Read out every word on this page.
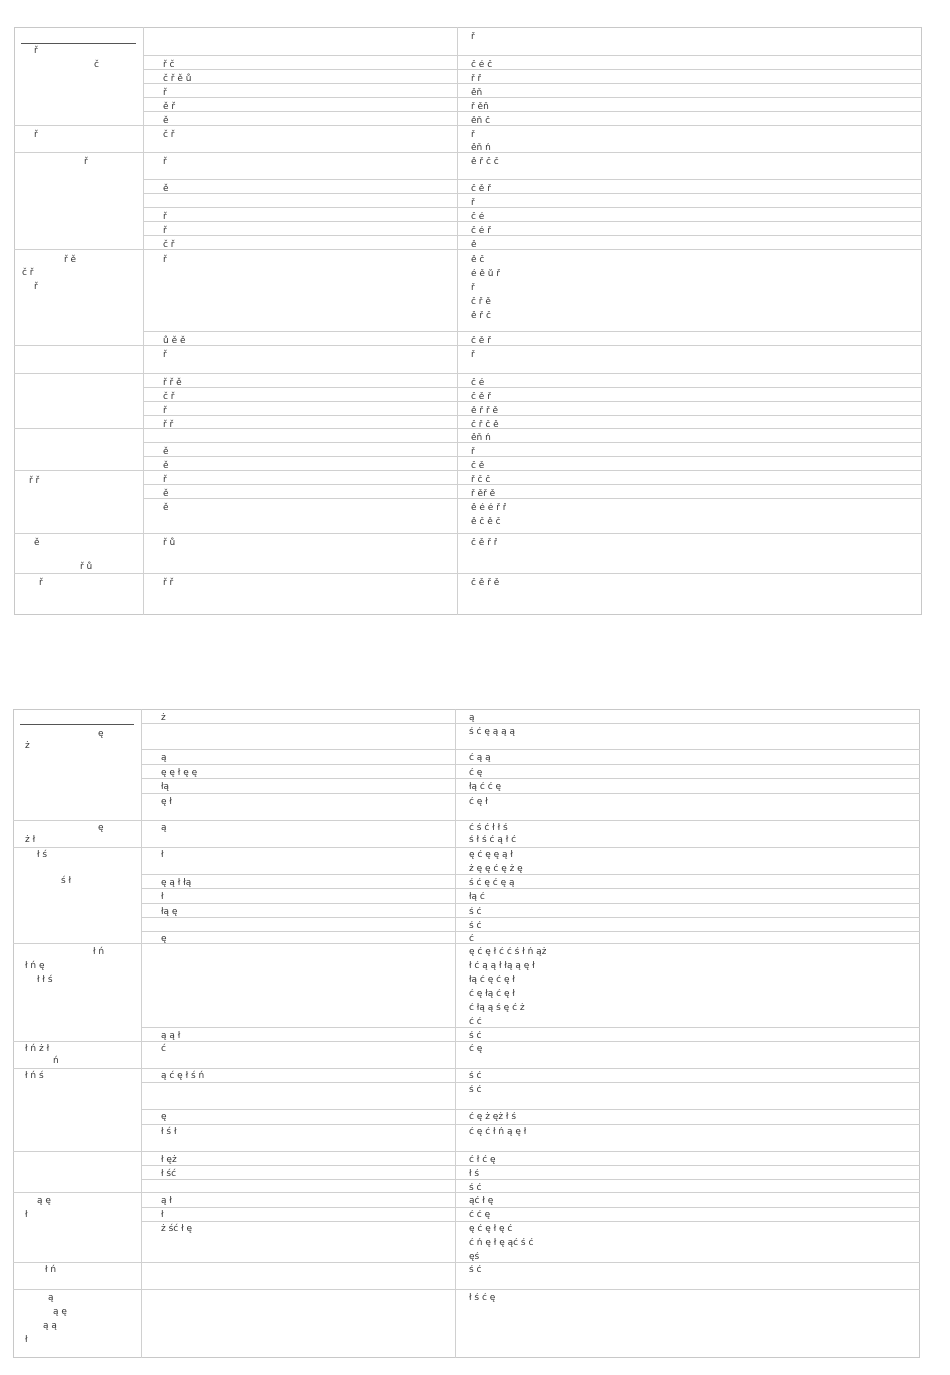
ř
č
ř
ř
ř ě
č ř
ř
ř ř
ě
ř ů
ř
ř č
č ř ě ů
ř
ě ř
ě
č ř
ř
ě
ř
ř
č ř
ř
ů ě ě
ř
ř ř ě
č ř
ř
ř ř
ě
ě
ř
ě
ě
ř ů
ř ř
ř
č é č
ř ř
ěň
ř ěň
ěň č
ř
ěň ń
ě ř č č
č ě ř
ř
č é
č é ř
ě
ě č
é ě ů ř
ř
č ř ě
ě ř č
č ě ř
ř
č é
č ě ř
ě ř ř ě
č ř č ě
ěň ń
ř
č ě
ř č č
ř ěř ě
ě é é ř ř
ě č ě č
č ě ř ř
č ě ř ě
ę
ż
ę
ż ł
ł ś
ś ł
ł ń
ł ń ę
ł ł ś
ł ń ż ł
ń
ł ń ś
ą ę
ł
ł ń
ą
ą ę
ą ą
ł
ż
ą
ę ę ł ę ę
łą
ę ł
ą
ł
ę ą ł łą
ł
łą ę
ę
ą ą ł
ć
ą ć ę ł ś ń
ę
ł ś ł
ł ęż
ł ść
ą ł
ł
ż ść ł ę
ą
ś ć ę ą ą ą
ć ą ą
ć ę
łą ć ć ę
ć ę ł
ć ś ć ł ł ś
ś ł ś ć ą ł ć
ę ć ę ę ą ł
ż ę ę ć ę ż ę
ś ć ę ć ę ą
łą ć
ś ć
ś ć
ć
ę ć ę ł ć ć ś ł ń ąż
ł ć ą ą ł łą ą ę ł
łą ć ę ć ę ł
ć ę łą ć ę ł
ć łą ą ś ę ć ż
ć ć
ś ć
ć ę
ś ć
ś ć
ć ę ż ęż ł ś
ć ę ć ł ń ą ę ł
ć ł ć ę
ł ś
ś ć
ąć ł ę
ć ć ę
ę ć ę ł ę ć
ć ń ę ł ę ąć ś ć
ęś
ś ć
ł ś ć ę
